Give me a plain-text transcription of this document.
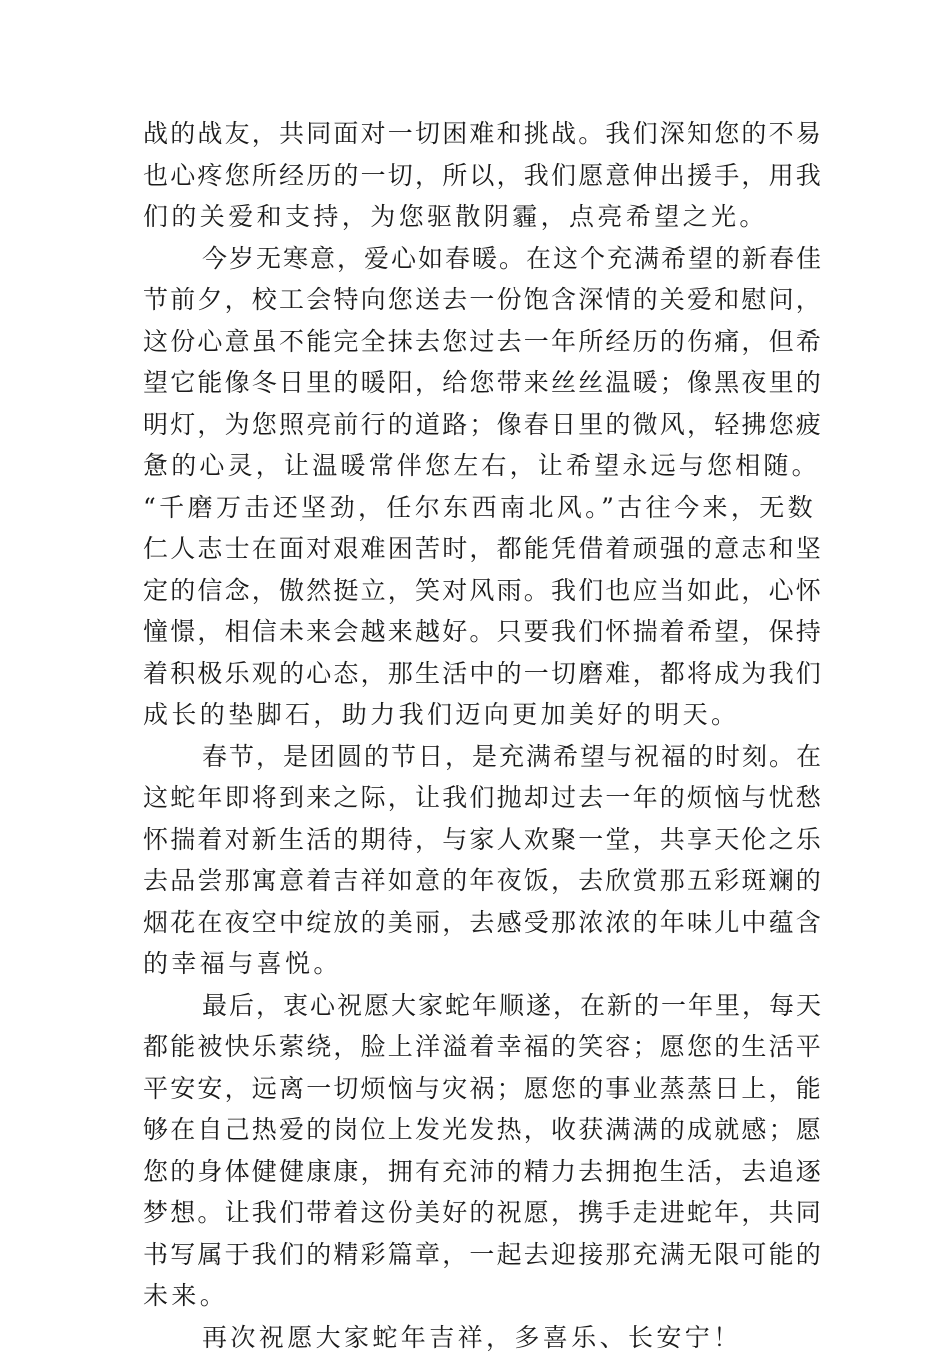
战的战友，共同面对一切困难和挑战。我们深知您的不易
也心疼您所经历的一切，所以，我们愿意伸出援手，用我
们的关爱和支持，为您驱散阴霾，点亮希望之光。
今岁无寒意，爱心如春暖。在这个充满希望的新春佳
节前夕，校工会特向您送去一份饱含深情的关爱和慰问，
这份心意虽不能完全抹去您过去一年所经历的伤痛，但希
望它能像冬日里的暖阳，给您带来丝丝温暖；像黑夜里的
明灯，为您照亮前行的道路；像春日里的微风，轻拂您疲
惫的心灵，让温暖常伴您左右，让希望永远与您相随。
“千磨万击还坚劲，任尔东西南北风。”古往今来，无数
仁人志士在面对艰难困苦时，都能凭借着顽强的意志和坚
定的信念，傲然挺立，笑对风雨。我们也应当如此，心怀
憧憬，相信未来会越来越好。只要我们怀揣着希望，保持
着积极乐观的心态，那生活中的一切磨难，都将成为我们
成长的垫脚石，助力我们迈向更加美好的明天。
春节，是团圆的节日，是充满希望与祝福的时刻。在
这蛇年即将到来之际，让我们抛却过去一年的烦恼与忧愁
怀揣着对新生活的期待，与家人欢聚一堂，共享天伦之乐
去品尝那寓意着吉祥如意的年夜饭，去欣赏那五彩斑斓的
烟花在夜空中绽放的美丽，去感受那浓浓的年味儿中蕴含
的幸福与喜悦。
最后，衷心祝愿大家蛇年顺遂，在新的一年里，每天
都能被快乐萦绕，脸上洋溢着幸福的笑容；愿您的生活平
平安安，远离一切烦恼与灾祸；愿您的事业蒸蒸日上，能
够在自己热爱的岗位上发光发热，收获满满的成就感；愿
您的身体健健康康，拥有充沛的精力去拥抱生活，去追逐
梦想。让我们带着这份美好的祝愿，携手走进蛇年，共同
书写属于我们的精彩篇章，一起去迎接那充满无限可能的
未来。
再次祝愿大家蛇年吉祥，多喜乐、长安宁！
